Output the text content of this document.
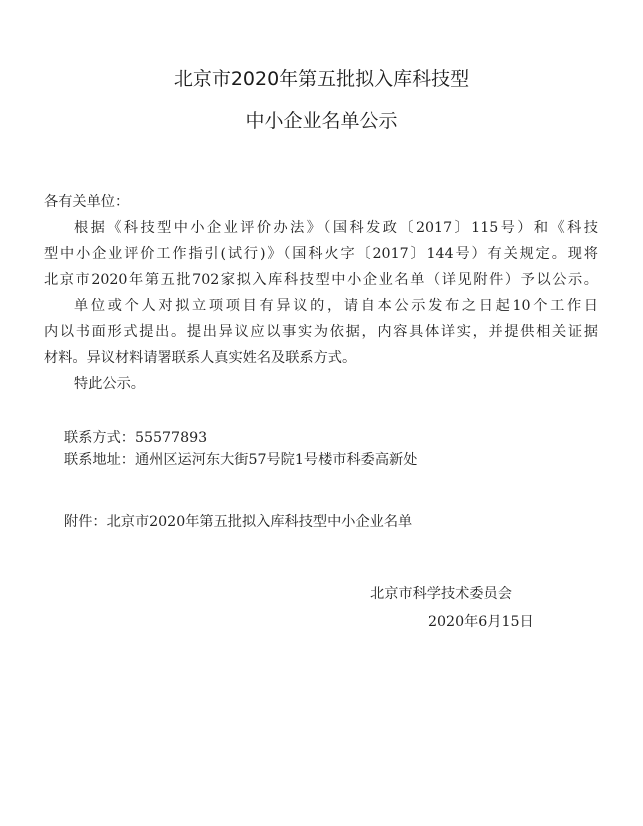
北京市2020年第五批拟入库科技型
中小企业名单公示
各有关单位：
根据《科技型中小企业评价办法》（国科发政〔2017〕115号）和《科技
型中小企业评价工作指引(试行)》（国科火字〔2017〕144号）有关规定。现将
北京市2020年第五批702家拟入库科技型中小企业名单（详见附件）予以公示。
单位或个人对拟立项项目有异议的，请自本公示发布之日起10个工作日
内以书面形式提出。提出异议应以事实为依据，内容具体详实，并提供相关证据
材料。异议材料请署联系人真实姓名及联系方式。
特此公示。
联系方式：55577893
联系地址：通州区运河东大街57号院1号楼市科委高新处
附件：北京市2020年第五批拟入库科技型中小企业名单
北京市科学技术委员会
2020年6月15日
